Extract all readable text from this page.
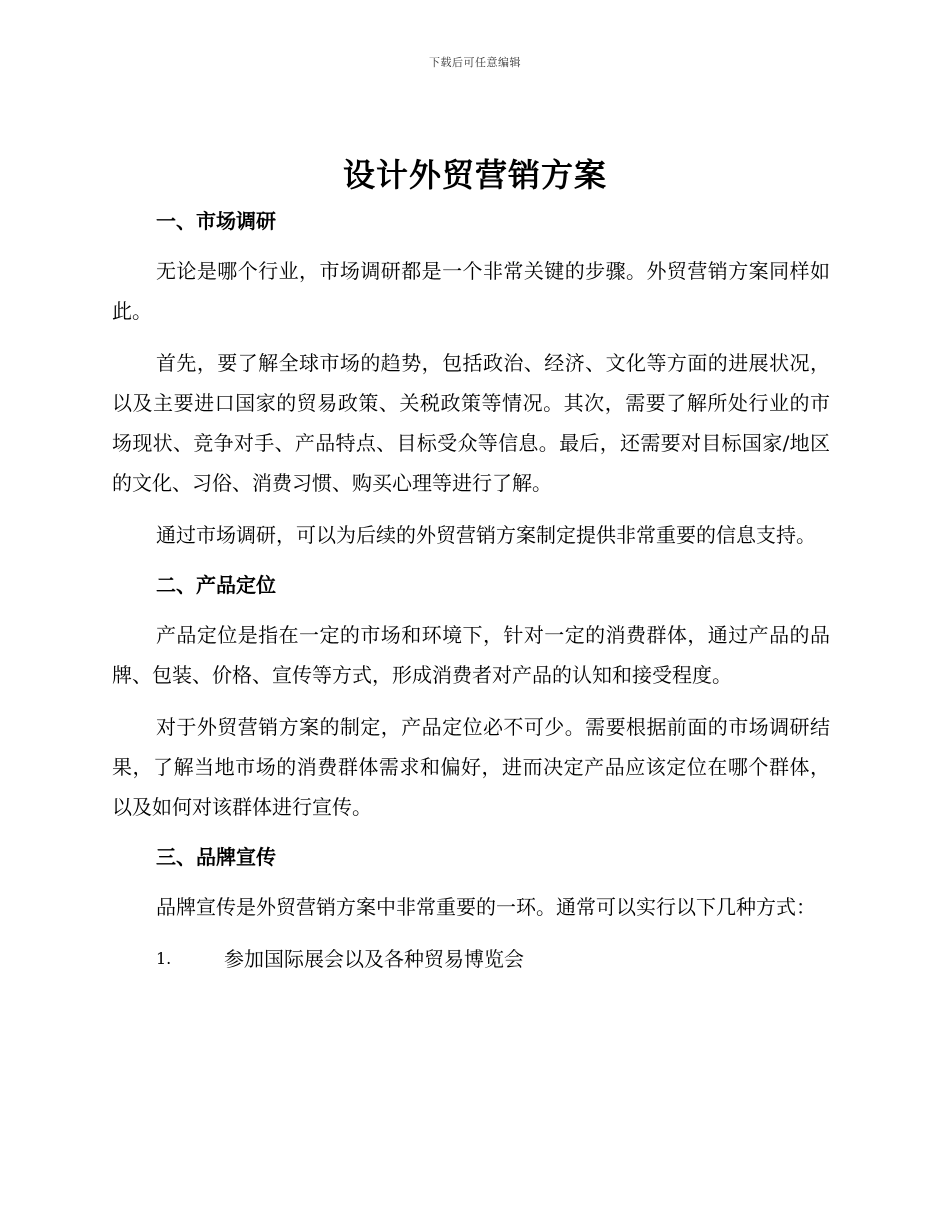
下载后可任意编辑
设计外贸营销方案
一、市场调研

无论是哪个行业，市场调研都是一个非常关键的步骤。外贸营销方案同样如此。

首先，要了解全球市场的趋势，包括政治、经济、文化等方面的进展状况，以及主要进口国家的贸易政策、关税政策等情况。其次，需要了解所处行业的市场现状、竞争对手、产品特点、目标受众等信息。最后，还需要对目标国家/地区的文化、习俗、消费习惯、购买心理等进行了解。

通过市场调研，可以为后续的外贸营销方案制定提供非常重要的信息支持。

二、产品定位

产品定位是指在一定的市场和环境下，针对一定的消费群体，通过产品的品牌、包装、价格、宣传等方式，形成消费者对产品的认知和接受程度。

对于外贸营销方案的制定，产品定位必不可少。需要根据前面的市场调研结果，了解当地市场的消费群体需求和偏好，进而决定产品应该定位在哪个群体，以及如何对该群体进行宣传。

三、品牌宣传

品牌宣传是外贸营销方案中非常重要的一环。通常可以实行以下几种方式：

1.	参加国际展会以及各种贸易博览会
